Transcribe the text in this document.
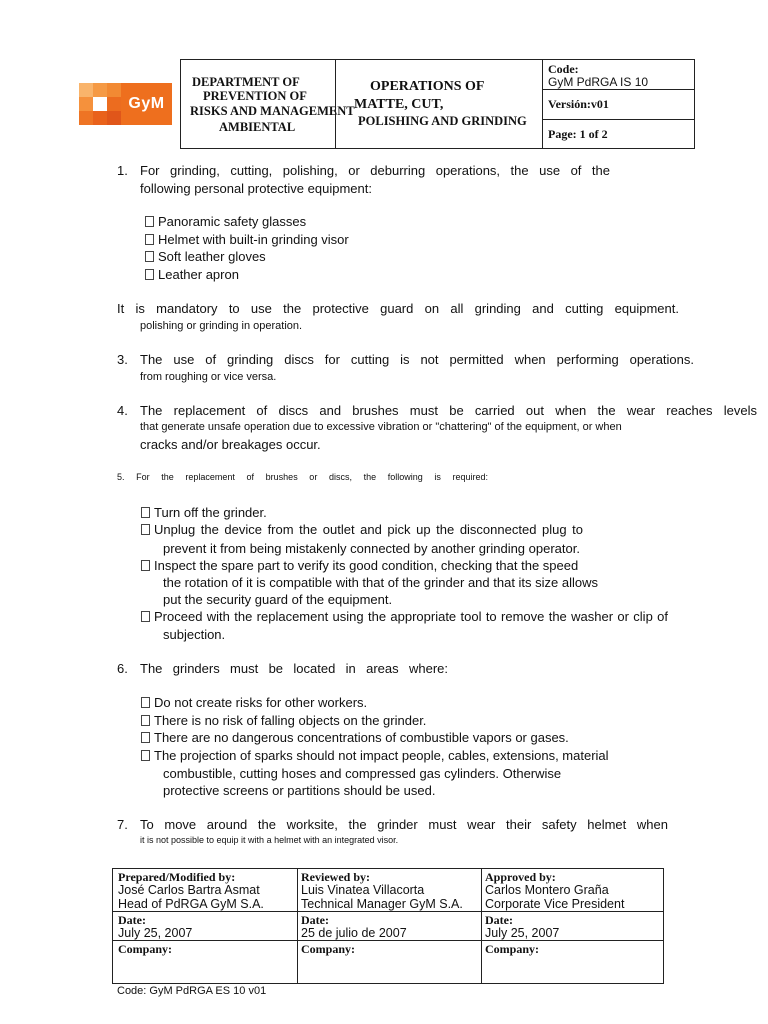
GyM
DEPARTMENT OF
PREVENTION OF
RISKS AND MANAGEMENT
AMBIENTAL
OPERATIONS OF
MATTE, CUT,
POLISHING AND GRINDING
Code:
GyM PdRGA IS 10
Versión:v01
Page: 1 of 2
1. For grinding, cutting, polishing, or deburring operations, the use of the
following personal protective equipment:
Panoramic safety glasses
Helmet with built-in grinding visor
Soft leather gloves
Leather apron
It is mandatory to use the protective guard on all grinding and cutting equipment.
polishing or grinding in operation.
3. The use of grinding discs for cutting is not permitted when performing operations.
from roughing or vice versa.
4. The replacement of discs and brushes must be carried out when the wear reaches levels
that generate unsafe operation due to excessive vibration or "chattering" of the equipment, or when
cracks and/or breakages occur.
5. For the replacement of brushes or discs, the following is required:
Turn off the grinder.
Unplug the device from the outlet and pick up the disconnected plug to
prevent it from being mistakenly connected by another grinding operator.
Inspect the spare part to verify its good condition, checking that the speed
the rotation of it is compatible with that of the grinder and that its size allows
put the security guard of the equipment.
Proceed with the replacement using the appropriate tool to remove the washer or clip of
subjection.
6. The grinders must be located in areas where:
Do not create risks for other workers.
There is no risk of falling objects on the grinder.
There are no dangerous concentrations of combustible vapors or gases.
The projection of sparks should not impact people, cables, extensions, material
combustible, cutting hoses and compressed gas cylinders. Otherwise
protective screens or partitions should be used.
7. To move around the worksite, the grinder must wear their safety helmet when
it is not possible to equip it with a helmet with an integrated visor.
Prepared/Modified by:
José Carlos Bartra Asmat
Head of PdRGA GyM S.A.
Reviewed by:
Luis Vinatea Villacorta
Technical Manager GyM S.A.
Approved by:
Carlos Montero Graña
Corporate Vice President
Date:
July 25, 2007
Date:
25 de julio de 2007
Date:
July 25, 2007
Company:	Company:	Company:
Code: GyM PdRGA ES 10 v01
